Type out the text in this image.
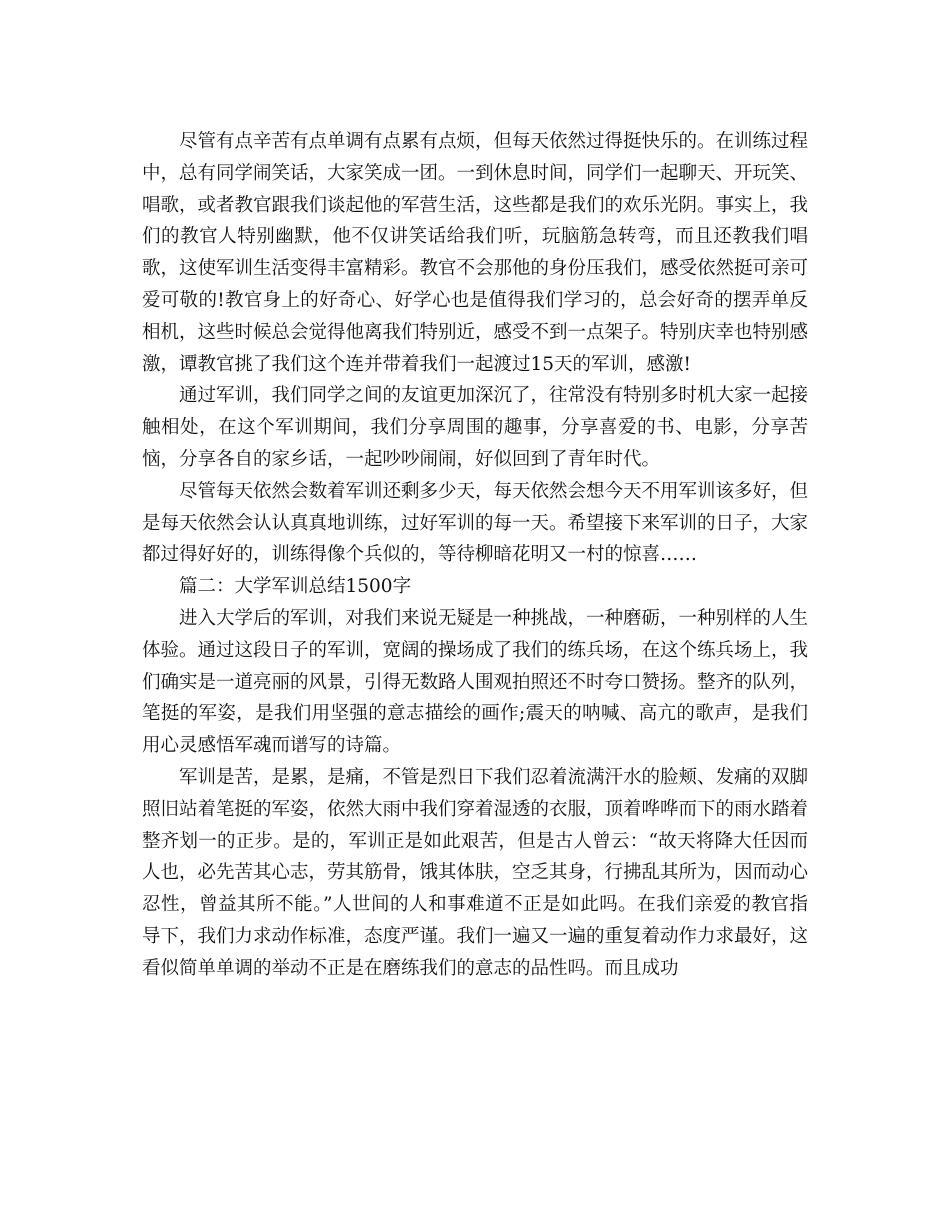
尽管有点辛苦有点单调有点累有点烦，但每天依然过得挺快乐的。在训练过程中，总有同学闹笑话，大家笑成一团。一到休息时间，同学们一起聊天、开玩笑、唱歌，或者教官跟我们谈起他的军营生活，这些都是我们的欢乐光阴。事实上，我们的教官人特别幽默，他不仅讲笑话给我们听，玩脑筋急转弯，而且还教我们唱歌，这使军训生活变得丰富精彩。教官不会那他的身份压我们，感受依然挺可亲可爱可敬的!教官身上的好奇心、好学心也是值得我们学习的，总会好奇的摆弄单反相机，这些时候总会觉得他离我们特别近，感受不到一点架子。特别庆幸也特别感激，谭教官挑了我们这个连并带着我们一起渡过15天的军训，感激!

通过军训，我们同学之间的友谊更加深沉了，往常没有特别多时机大家一起接触相处，在这个军训期间，我们分享周围的趣事，分享喜爱的书、电影，分享苦恼，分享各自的家乡话，一起吵吵闹闹，好似回到了青年时代。

尽管每天依然会数着军训还剩多少天，每天依然会想今天不用军训该多好，但是每天依然会认认真真地训练，过好军训的每一天。希望接下来军训的日子，大家都过得好好的，训练得像个兵似的，等待柳暗花明又一村的惊喜……

篇二：大学军训总结1500字

进入大学后的军训，对我们来说无疑是一种挑战，一种磨砺，一种别样的人生体验。通过这段日子的军训，宽阔的操场成了我们的练兵场，在这个练兵场上，我们确实是一道亮丽的风景，引得无数路人围观拍照还不时夸口赞扬。整齐的队列，笔挺的军姿，是我们用坚强的意志描绘的画作;震天的呐喊、高亢的歌声，是我们用心灵感悟军魂而谱写的诗篇。

军训是苦，是累，是痛，不管是烈日下我们忍着流满汗水的脸颊、发痛的双脚照旧站着笔挺的军姿，依然大雨中我们穿着湿透的衣服，顶着哗哗而下的雨水踏着整齐划一的正步。是的，军训正是如此艰苦，但是古人曾云：“故天将降大任因而人也，必先苦其心志，劳其筋骨，饿其体肤，空乏其身，行拂乱其所为，因而动心忍性，曾益其所不能。”人世间的人和事难道不正是如此吗。在我们亲爱的教官指导下，我们力求动作标准，态度严谨。我们一遍又一遍的重复着动作力求最好，这看似简单单调的举动不正是在磨练我们的意志的品性吗。而且成功
